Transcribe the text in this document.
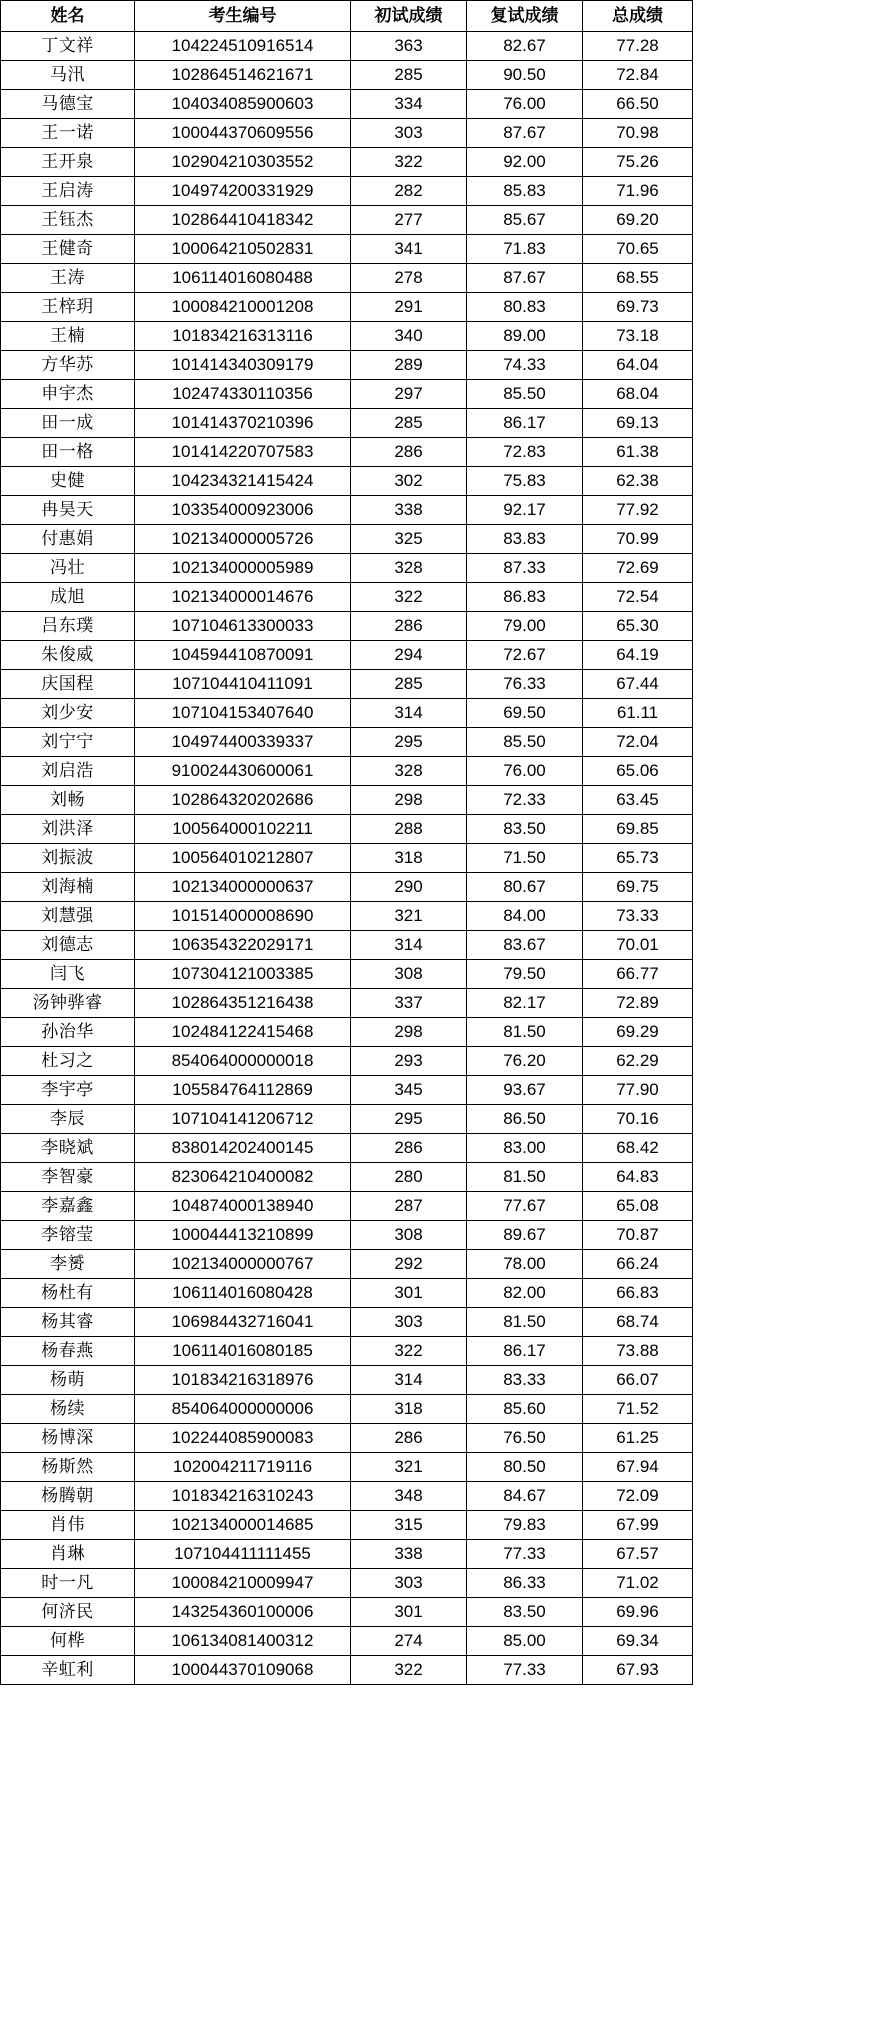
姓名	考生编号	初试成绩	复试成绩	总成绩
丁文祥	104224510916514	363	82.67	77.28
马汛	102864514621671	285	90.50	72.84
马德宝	104034085900603	334	76.00	66.50
王一诺	100044370609556	303	87.67	70.98
王开泉	102904210303552	322	92.00	75.26
王启涛	104974200331929	282	85.83	71.96
王钰杰	102864410418342	277	85.67	69.20
王健奇	100064210502831	341	71.83	70.65
王涛	106114016080488	278	87.67	68.55
王梓玥	100084210001208	291	80.83	69.73
王楠	101834216313116	340	89.00	73.18
方华苏	101414340309179	289	74.33	64.04
申宇杰	102474330110356	297	85.50	68.04
田一成	101414370210396	285	86.17	69.13
田一格	101414220707583	286	72.83	61.38
史健	104234321415424	302	75.83	62.38
冉昊天	103354000923006	338	92.17	77.92
付惠娟	102134000005726	325	83.83	70.99
冯壮	102134000005989	328	87.33	72.69
成旭	102134000014676	322	86.83	72.54
吕东璞	107104613300033	286	79.00	65.30
朱俊威	104594410870091	294	72.67	64.19
庆国程	107104410411091	285	76.33	67.44
刘少安	107104153407640	314	69.50	61.11
刘宁宁	104974400339337	295	85.50	72.04
刘启浩	910024430600061	328	76.00	65.06
刘畅	102864320202686	298	72.33	63.45
刘洪泽	100564000102211	288	83.50	69.85
刘振波	100564010212807	318	71.50	65.73
刘海楠	102134000000637	290	80.67	69.75
刘慧强	101514000008690	321	84.00	73.33
刘德志	106354322029171	314	83.67	70.01
闫飞	107304121003385	308	79.50	66.77
汤钟骅睿	102864351216438	337	82.17	72.89
孙治华	102484122415468	298	81.50	69.29
杜习之	854064000000018	293	76.20	62.29
李宇亭	105584764112869	345	93.67	77.90
李辰	107104141206712	295	86.50	70.16
李晓斌	838014202400145	286	83.00	68.42
李智豪	823064210400082	280	81.50	64.83
李嘉鑫	104874000138940	287	77.67	65.08
李镕莹	100044413210899	308	89.67	70.87
李赟	102134000000767	292	78.00	66.24
杨杜有	106114016080428	301	82.00	66.83
杨其睿	106984432716041	303	81.50	68.74
杨春燕	106114016080185	322	86.17	73.88
杨萌	101834216318976	314	83.33	66.07
杨续	854064000000006	318	85.60	71.52
杨博深	102244085900083	286	76.50	61.25
杨斯然	102004211719116	321	80.50	67.94
杨腾朝	101834216310243	348	84.67	72.09
肖伟	102134000014685	315	79.83	67.99
肖琳	107104411111455	338	77.33	67.57
时一凡	100084210009947	303	86.33	71.02
何济民	143254360100006	301	83.50	69.96
何桦	106134081400312	274	85.00	69.34
辛虹利	100044370109068	322	77.33	67.93
